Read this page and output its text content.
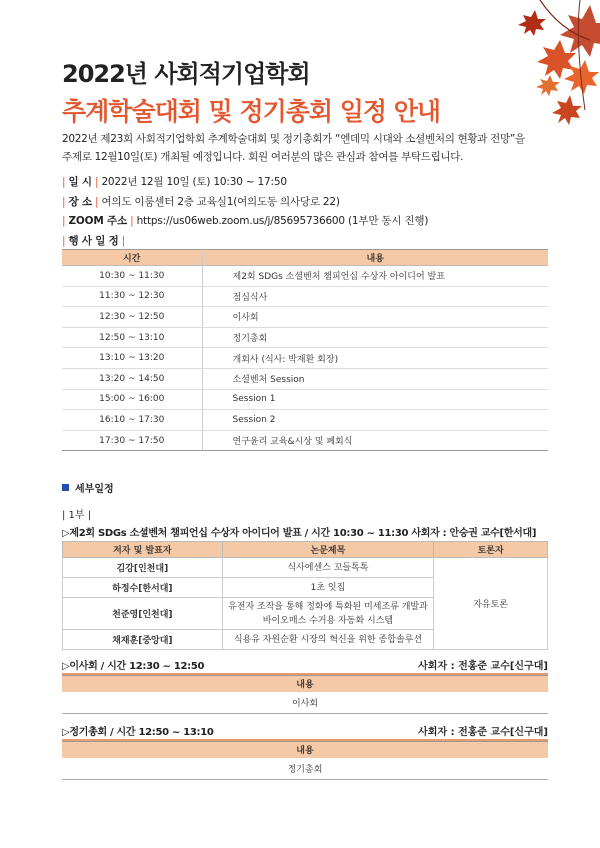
2022년 사회적기업학회
추계학술대회 및 정기총회 일정 안내
2022년 제23회 사회적기업학회 추계학술대회 및 정기총회가 “엔데믹 시대와 소셜벤처의 현황과 전망”을
주제로 12월10일(토) 개최될 예정입니다. 회원 여러분의 많은 관심과 참여를 부탁드립니다.
| 일 시 | 2022년 12월 10일 (토) 10:30 ~ 17:50
| 장 소 | 여의도 이룸센터 2층 교육실1(여의도동 의사당로 22)
| ZOOM 주소 | https://us06web.zoom.us/j/85695736600 (1부만 동시 진행)
| 행 사 일 정 |
시간	내용
10:30 ~ 11:30	제2회 SDGs 소셜벤처 챔피언십 수상자 아이디어 발표
11:30 ~ 12:30	점심식사
12:30 ~ 12:50	이사회
12:50 ~ 13:10	정기총회
13:10 ~ 13:20	개회사 (식사: 박재환 회장)
13:20 ~ 14:50	소셜벤처 Session
15:00 ~ 16:00	Session 1
16:10 ~ 17:30	Session 2
17:30 ~ 17:50	연구윤리 교육&시상 및 폐회식
세부일정
| 1부 |
▷제2회 SDGs 소셜벤처 챔피언십 수상자 아이디어 발표 / 시간 10:30 ~ 11:30 사회자 : 안승권 교수[한서대]
저자 및 발표자	논문제목	토론자
김강[인천대]	식사에센스 꼬들톡톡	자유토론
하정수[한서대]	1초 잇집	
천준영[인천대]	유전자 조작을 통해 정화에 특화된 미세조류 개발과 바이오매스 수거용 자동화 시스템	
채재훈[중앙대]	식용유 자원순환 시장의 혁신을 위한 종합솔루션	
▷이사회 / 시간 12:30 ~ 12:50	사회자 : 전홍준 교수[신구대]
내용
이사회
▷정기총회 / 시간 12:50 ~ 13:10	사회자 : 전홍준 교수[신구대]
내용
정기총회
